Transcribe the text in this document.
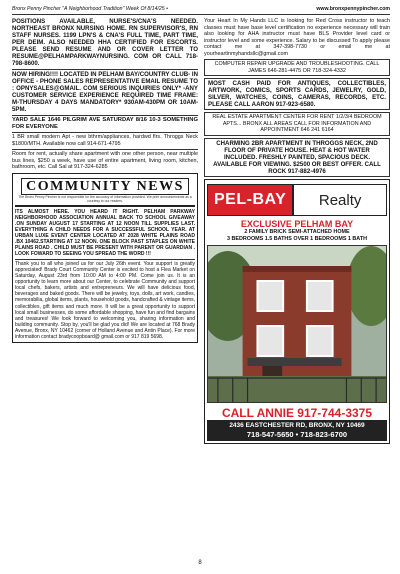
Bronx Penny Pincher "A Neighborhood Tradition" Week Of 8/14/25 •	www.bronxpennypincher.com

POSITIONS AVAILABLE, NURSE'S/CNA'S NEEDED. NORTHEAST BRONX NURSING HOME. RN SUPERVISOR'S, RN STAFF NURSES. 1199 LPN'S & CNA'S FULL TIME, PART TIME, PER DEIM. ALSO NEEDED HHA CERTIFIED FOR ESCORTS. PLEASE SEND RESUME AND OR COVER LETTER TO RESUME@PELHAMPARKWAYNURSING. COM OR CALL 718-798-8600.

NOW HIRING!!!! LOCATED IN PELHAM BAY/COUNTRY CLUB- IN OFFICE - PHONE SALES REPRESENTATIVE EMAIL RESUME TO : OPNYSALES@GMAIL. COM SERIOUS INQUIRIES ONLY* -ANY CUSTOMER SERVICE EXPERIENCE REQUIRED TIME FRAME: M-THURSDAY 4 DAYS MANDATORY* 930AM-430PM OR 10AM-5PM.

YARD SALE 1646 PILGRIM AVE SATURDAY 8/16 10-3 SOMETHING FOR EVERYONE

1 BR small modern Apt - new bthrm/appliances, hardwd flrs. Throggs Neck $1800/MTH. Available now call 914-671-4795

Room for rent, actually share apartment with one other person, near multiple bus lines, $250 a week, have use of entire apartment, living room, kitchen, bathroom, etc. Call Sal at 917-324-6285

COMMUNITY NEWS
The Bronx Penny Pincher is not responsible for the accuracy of information provided. We print announcements as a courtesy to our readers.
ITS ALMOST HERE. YOU HEARD IT RIGHT. PELHAM PARKWAY NEIGHBORHOOD ASSOCIATION ANNUAL BACK TO SCHOOL GIVEAWAY .ON SUNDAY AUGUST 17 STARTING AT 12 NOON TILL SUPPLIES LAST. EVERYTHING A CHILD NEEDS FOR A SUCCESSFUL SCHOOL YEAR. AT URBAN LUXE EVENT CENTER LOCATED AT 2028 WHITE PLAINS ROAD .BX 10462.STARTING AT 12 NOON. ONE BLOCK PAST STAPLES ON WHITE PLAINS ROAD . CHILD MUST BE PRESENT WITH PARENT OR GUARDIAN . LOOK FOWARD TO SEEING YOU SPREAD THE WORD !!!
Thank you to all who joined us for our July 26th event. Your support is greatly appreciated! Brady Court Community Center is excited to host a Flea Market on Saturday, August 23rd from 10:00 AM to 4:00 PM. Come join us. It is an opportunity to learn more about our Center, to celebrate Community and support local chefs, bakers, artists and entrepreneurs. We will have delicious food, beverages and baked goods. There will be jewelry, toys, dolls, art work, candles, memorabilia, global items, plants, household goods, handcrafted & vintage items, collectibles, gift items and much more. It will be a great opportunity to support local small businesses, do some affordable shopping, have fun and find bargains and treasures! We look forward to welcoming you, sharing information and building community. Stop by, you'll be glad you did! We are located at 768 Brady Avenue, Bronx, NY 10462 (corner of Holland Avenue and Antin Place). For more information contact bradycoopboard@ gmail.com or 917 819 5698.

Your Heart In My Hands LLC is looking for Red Cross instructor to teach classes must have base level certification no experience necessary will train also looking for AHA instructor must have BLS Provider level card or instructor level and some experience. Salary to be discussed To apply please contact me at 347-398-7730 or email me at yourheartinmyhandsllc@gmail.com

COMPUTER REPAIR UPGRADE AND TROUBLESHOOTING. CALL JAMES 646-281-4475 OR 718-324-4332

MOST CASH PAID FOR ANTIQUES, COLLECTIBLES, ARTWORK, COMICS, SPORTS CARDS, JEWELRY, GOLD, SILVER, WATCHES, COINS, CAMERAS, RECORDS, ETC. PLEASE CALL AARON 917-923-6580.

REAL ESTATE APARTMENT CENTER FOR RENT 1/2/3/4 BEDROOM APTS... BRONX ALL AREAS CALL FOR INFORMATION AND APPOINTMENT 646 241 6164

CHARMING 2BR APARTMENT IN THROGGS NECK, 2ND FLOOR OF PRIVATE HOUSE. HEAT & HOT WATER INCLUDED. FRESHLY PAINTED, SPACIOUS DECK. AVAILABLE FOR VIEWING. $2500 OR BEST OFFER. CALL ROCK 917-882-4976

PEL-BAY	Realty
EXCLUSIVE PELHAM BAY
2 FAMILY BRICK SEMI-ATTACHED HOME
3 BEDROOMS 1.5 BATHS OVER 1 BEDROOMS 1 BATH
CALL ANNIE 917-744-3375
2436 EASTCHESTER RD, BRONX, NY 10469
718-547-5650 • 718-823-6700
8
